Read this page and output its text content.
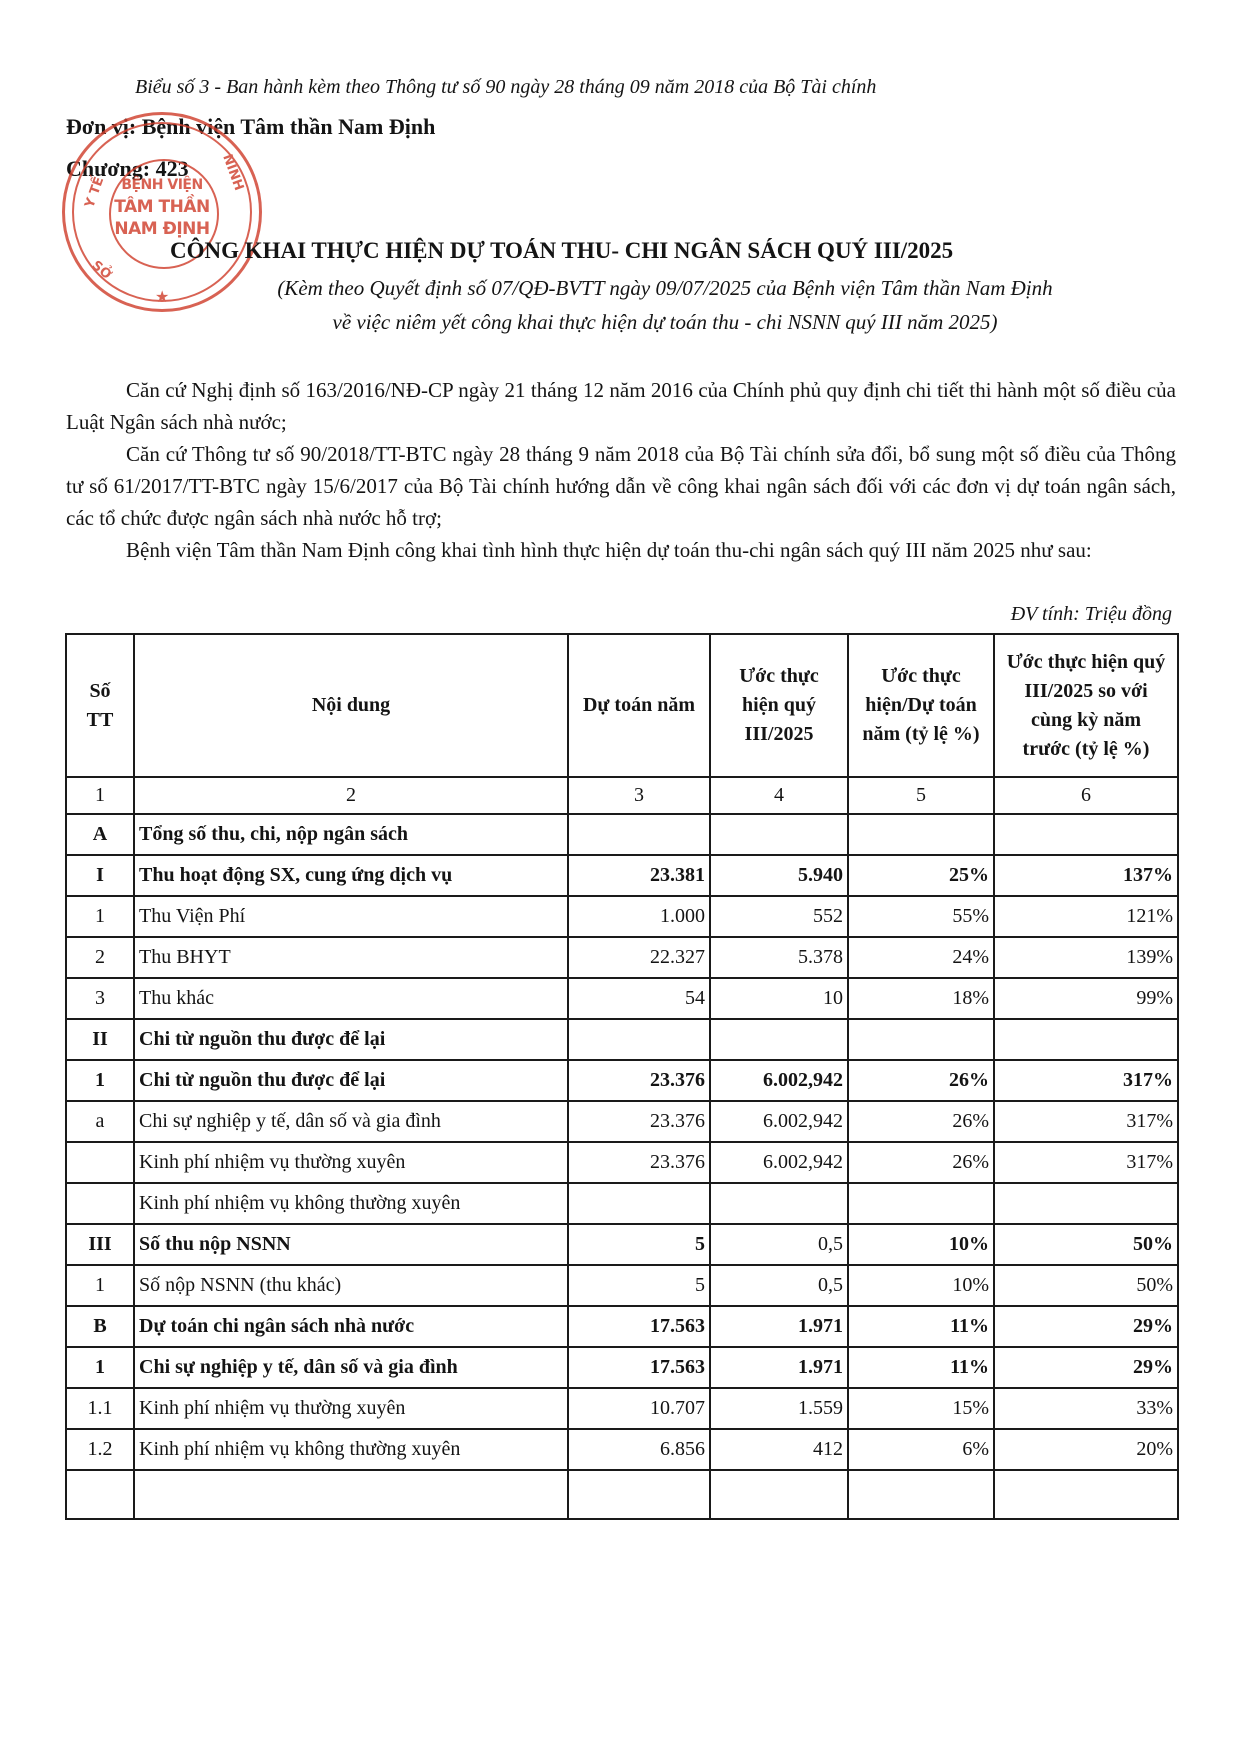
Biểu số 3 - Ban hành kèm theo Thông tư số 90 ngày 28 tháng 09 năm 2018 của Bộ Tài chính
Đơn vị: Bệnh viện Tâm thần Nam Định
Chương: 423
BỆNH VIỆN
TÂM THẦN
NAM ĐỊNH
Y TẾ	NINH
SỞ
★
CÔNG KHAI THỰC HIỆN DỰ TOÁN THU- CHI NGÂN SÁCH QUÝ III/2025
(Kèm theo Quyết định số 07/QĐ-BVTT ngày 09/07/2025 của Bệnh viện Tâm thần Nam Định
về việc niêm yết công khai thực hiện dự toán thu - chi NSNN quý III năm 2025)
Căn cứ Nghị định số 163/2016/NĐ-CP ngày 21 tháng 12 năm 2016 của Chính phủ quy định chi tiết thi hành một số điều của Luật Ngân sách nhà nước;
Căn cứ Thông tư số 90/2018/TT-BTC ngày 28 tháng 9 năm 2018 của Bộ Tài chính sửa đổi, bổ sung một số điều của Thông tư số 61/2017/TT-BTC ngày 15/6/2017 của Bộ Tài chính hướng dẫn về công khai ngân sách đối với các đơn vị dự toán ngân sách, các tổ chức được ngân sách nhà nước hỗ trợ;
Bệnh viện Tâm thần Nam Định công khai tình hình thực hiện dự toán thu-chi ngân sách quý III năm 2025 như sau:
ĐV tính: Triệu đồng
Số TT	Nội dung	Dự toán năm	Ước thực hiện quý III/2025	Ước thực hiện/Dự toán năm (tỷ lệ %)	Ước thực hiện quý III/2025 so với cùng kỳ năm trước (tỷ lệ %)
1	2	3	4	5	6
A	Tổng số thu, chi, nộp ngân sách				
I	Thu hoạt động SX, cung ứng dịch vụ	23.381	5.940	25%	137%
1	Thu Viện Phí	1.000	552	55%	121%
2	Thu BHYT	22.327	5.378	24%	139%
3	Thu khác	54	10	18%	99%
II	Chi từ nguồn thu được để lại				
1	Chi từ nguồn thu được để lại	23.376	6.002,942	26%	317%
a	Chi sự nghiệp y tế, dân số và gia đình	23.376	6.002,942	26%	317%
	Kinh phí nhiệm vụ thường xuyên	23.376	6.002,942	26%	317%
	Kinh phí nhiệm vụ không thường xuyên				
III	Số thu nộp NSNN	5	0,5	10%	50%
1	Số nộp NSNN (thu khác)	5	0,5	10%	50%
B	Dự toán chi ngân sách nhà nước	17.563	1.971	11%	29%
1	Chi sự nghiệp y tế, dân số và gia đình	17.563	1.971	11%	29%
1.1	Kinh phí nhiệm vụ thường xuyên	10.707	1.559	15%	33%
1.2	Kinh phí nhiệm vụ không thường xuyên	6.856	412	6%	20%
